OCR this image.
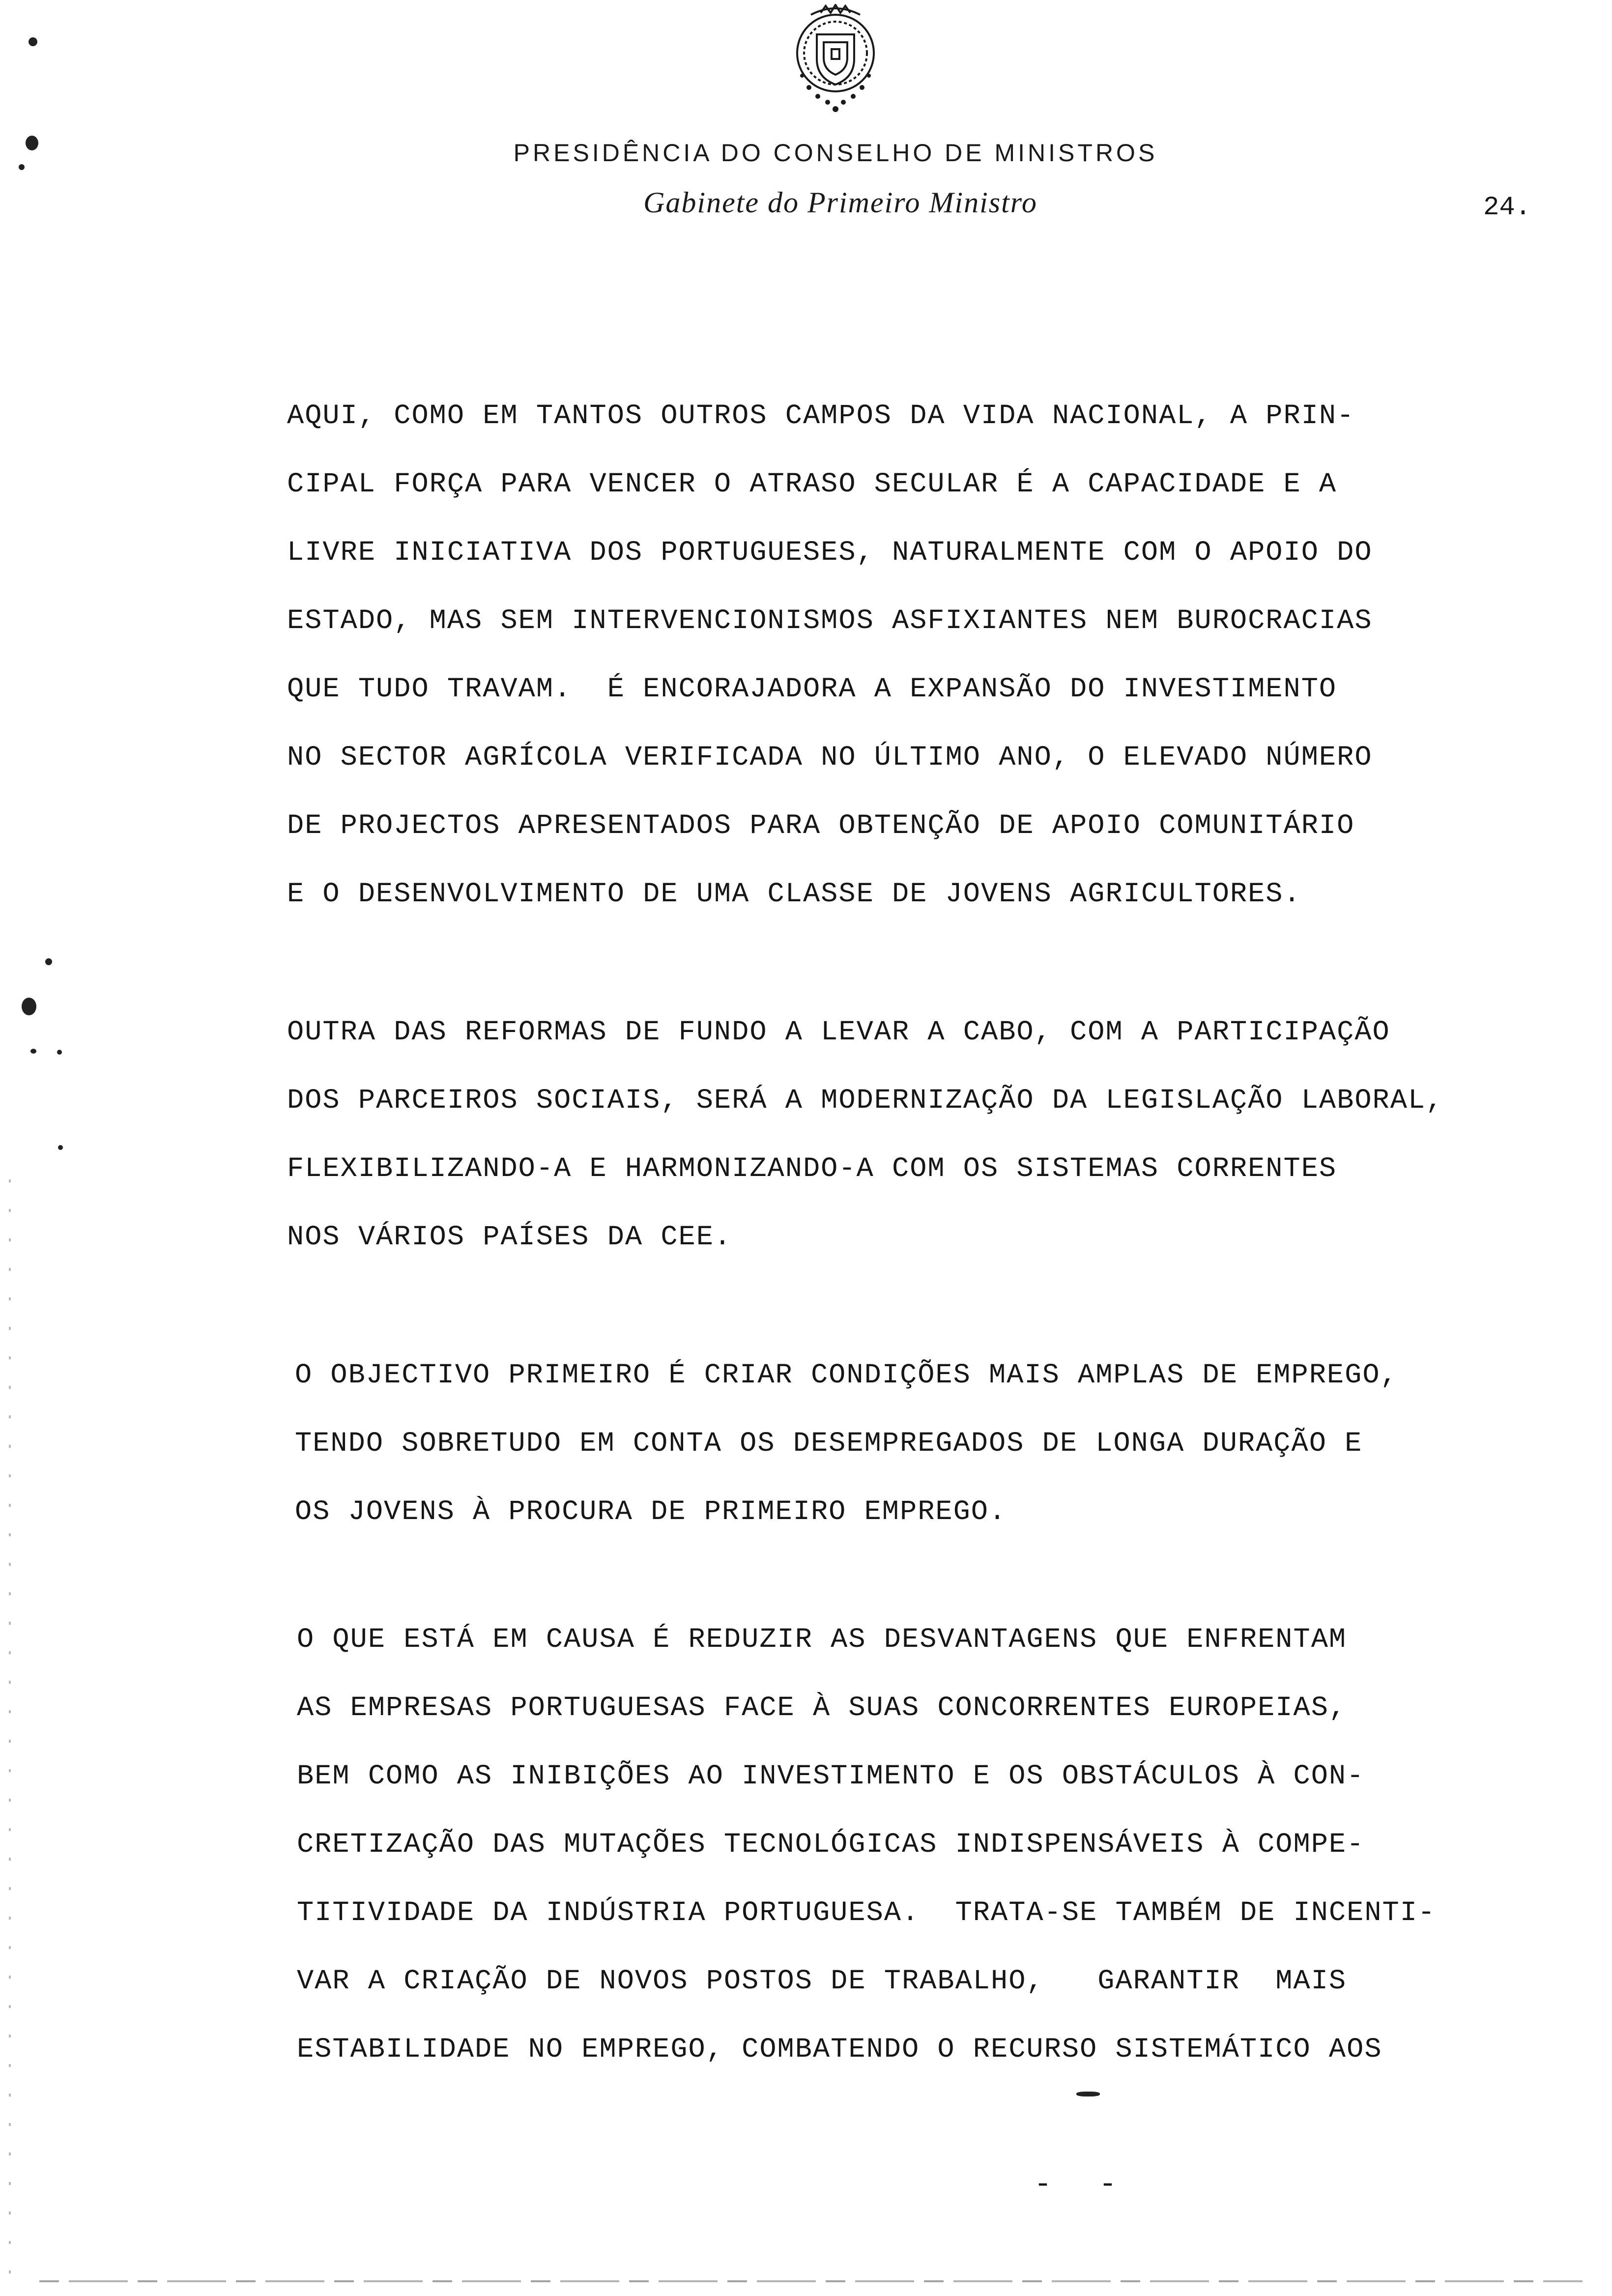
PRESIDÊNCIA DO CONSELHO DE MINISTROS
Gabinete do Primeiro Ministro	24.
AQUI, COMO EM TANTOS OUTROS CAMPOS DA VIDA NACIONAL, A PRIN-
CIPAL FORÇA PARA VENCER O ATRASO SECULAR É A CAPACIDADE E A
LIVRE INICIATIVA DOS PORTUGUESES, NATURALMENTE COM O APOIO DO
ESTADO, MAS SEM INTERVENCIONISMOS ASFIXIANTES NEM BUROCRACIAS
QUE TUDO TRAVAM.  É ENCORAJADORA A EXPANSÃO DO INVESTIMENTO
NO SECTOR AGRÍCOLA VERIFICADA NO ÚLTIMO ANO, O ELEVADO NÚMERO
DE PROJECTOS APRESENTADOS PARA OBTENÇÃO DE APOIO COMUNITÁRIO
E O DESENVOLVIMENTO DE UMA CLASSE DE JOVENS AGRICULTORES.
OUTRA DAS REFORMAS DE FUNDO A LEVAR A CABO, COM A PARTICIPAÇÃO
DOS PARCEIROS SOCIAIS, SERÁ A MODERNIZAÇÃO DA LEGISLAÇÃO LABORAL,
FLEXIBILIZANDO-A E HARMONIZANDO-A COM OS SISTEMAS CORRENTES
NOS VÁRIOS PAÍSES DA CEE.
O OBJECTIVO PRIMEIRO É CRIAR CONDIÇÕES MAIS AMPLAS DE EMPREGO,
TENDO SOBRETUDO EM CONTA OS DESEMPREGADOS DE LONGA DURAÇÃO E
OS JOVENS À PROCURA DE PRIMEIRO EMPREGO.
O QUE ESTÁ EM CAUSA É REDUZIR AS DESVANTAGENS QUE ENFRENTAM
AS EMPRESAS PORTUGUESAS FACE À SUAS CONCORRENTES EUROPEIAS,
BEM COMO AS INIBIÇÕES AO INVESTIMENTO E OS OBSTÁCULOS À CON-
CRETIZAÇÃO DAS MUTAÇÕES TECNOLÓGICAS INDISPENSÁVEIS À COMPE-
TITIVIDADE DA INDÚSTRIA PORTUGUESA.  TRATA-SE TAMBÉM DE INCENTI-
VAR A CRIAÇÃO DE NOVOS POSTOS DE TRABALHO,   GARANTIR  MAIS
ESTABILIDADE NO EMPREGO, COMBATENDO O RECURSO SISTEMÁTICO AOS
- -
